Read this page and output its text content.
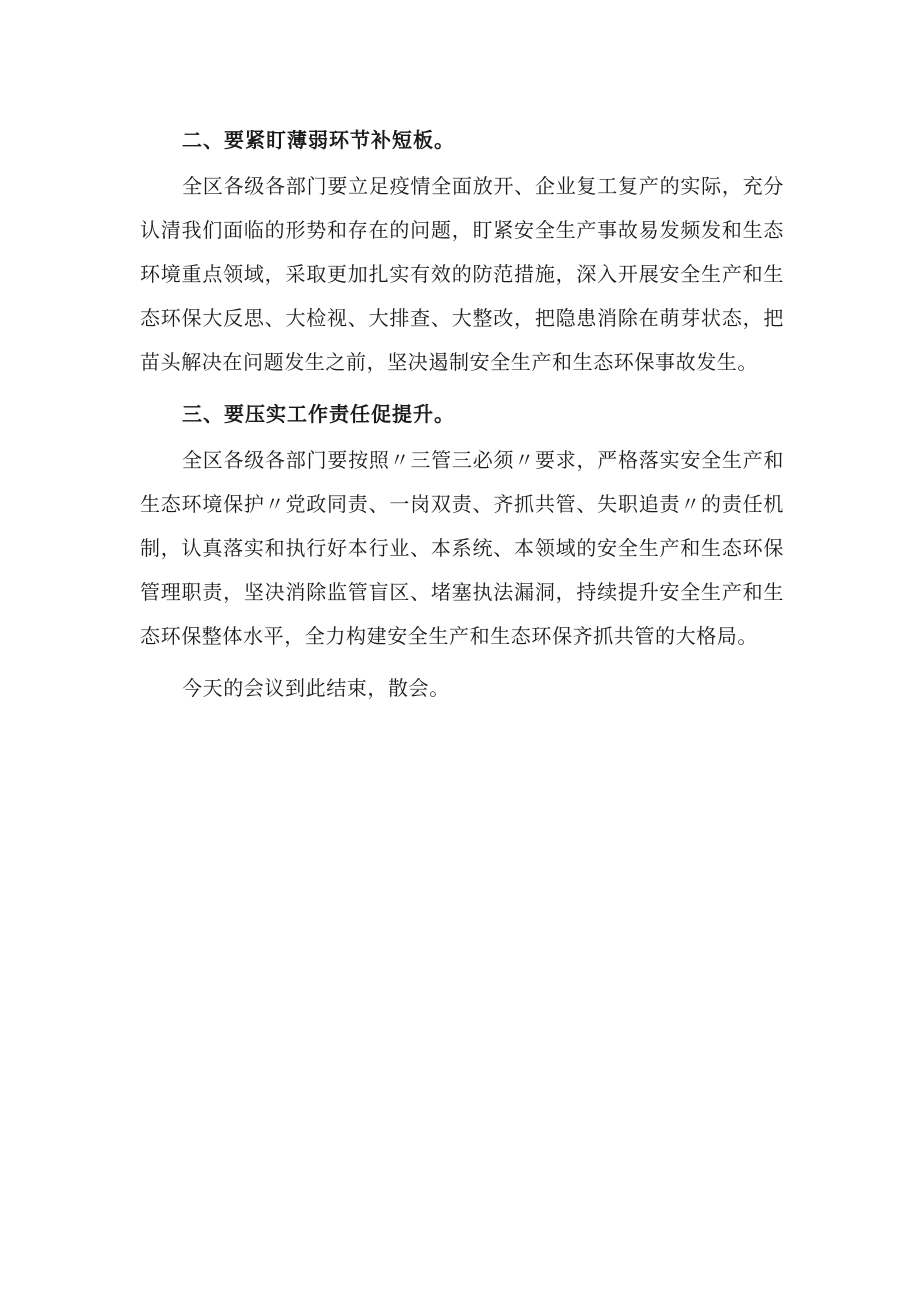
二、要紧盯薄弱环节补短板。

全区各级各部门要立足疫情全面放开、企业复工复产的实际，充分认清我们面临的形势和存在的问题，盯紧安全生产事故易发频发和生态环境重点领域，采取更加扎实有效的防范措施，深入开展安全生产和生态环保大反思、大检视、大排查、大整改，把隐患消除在萌芽状态，把苗头解决在问题发生之前，坚决遏制安全生产和生态环保事故发生。

三、要压实工作责任促提升。

全区各级各部门要按照〃三管三必须〃要求，严格落实安全生产和生态环境保护〃党政同责、一岗双责、齐抓共管、失职追责〃的责任机制，认真落实和执行好本行业、本系统、本领域的安全生产和生态环保管理职责，坚决消除监管盲区、堵塞执法漏洞，持续提升安全生产和生态环保整体水平，全力构建安全生产和生态环保齐抓共管的大格局。

今天的会议到此结束，散会。
